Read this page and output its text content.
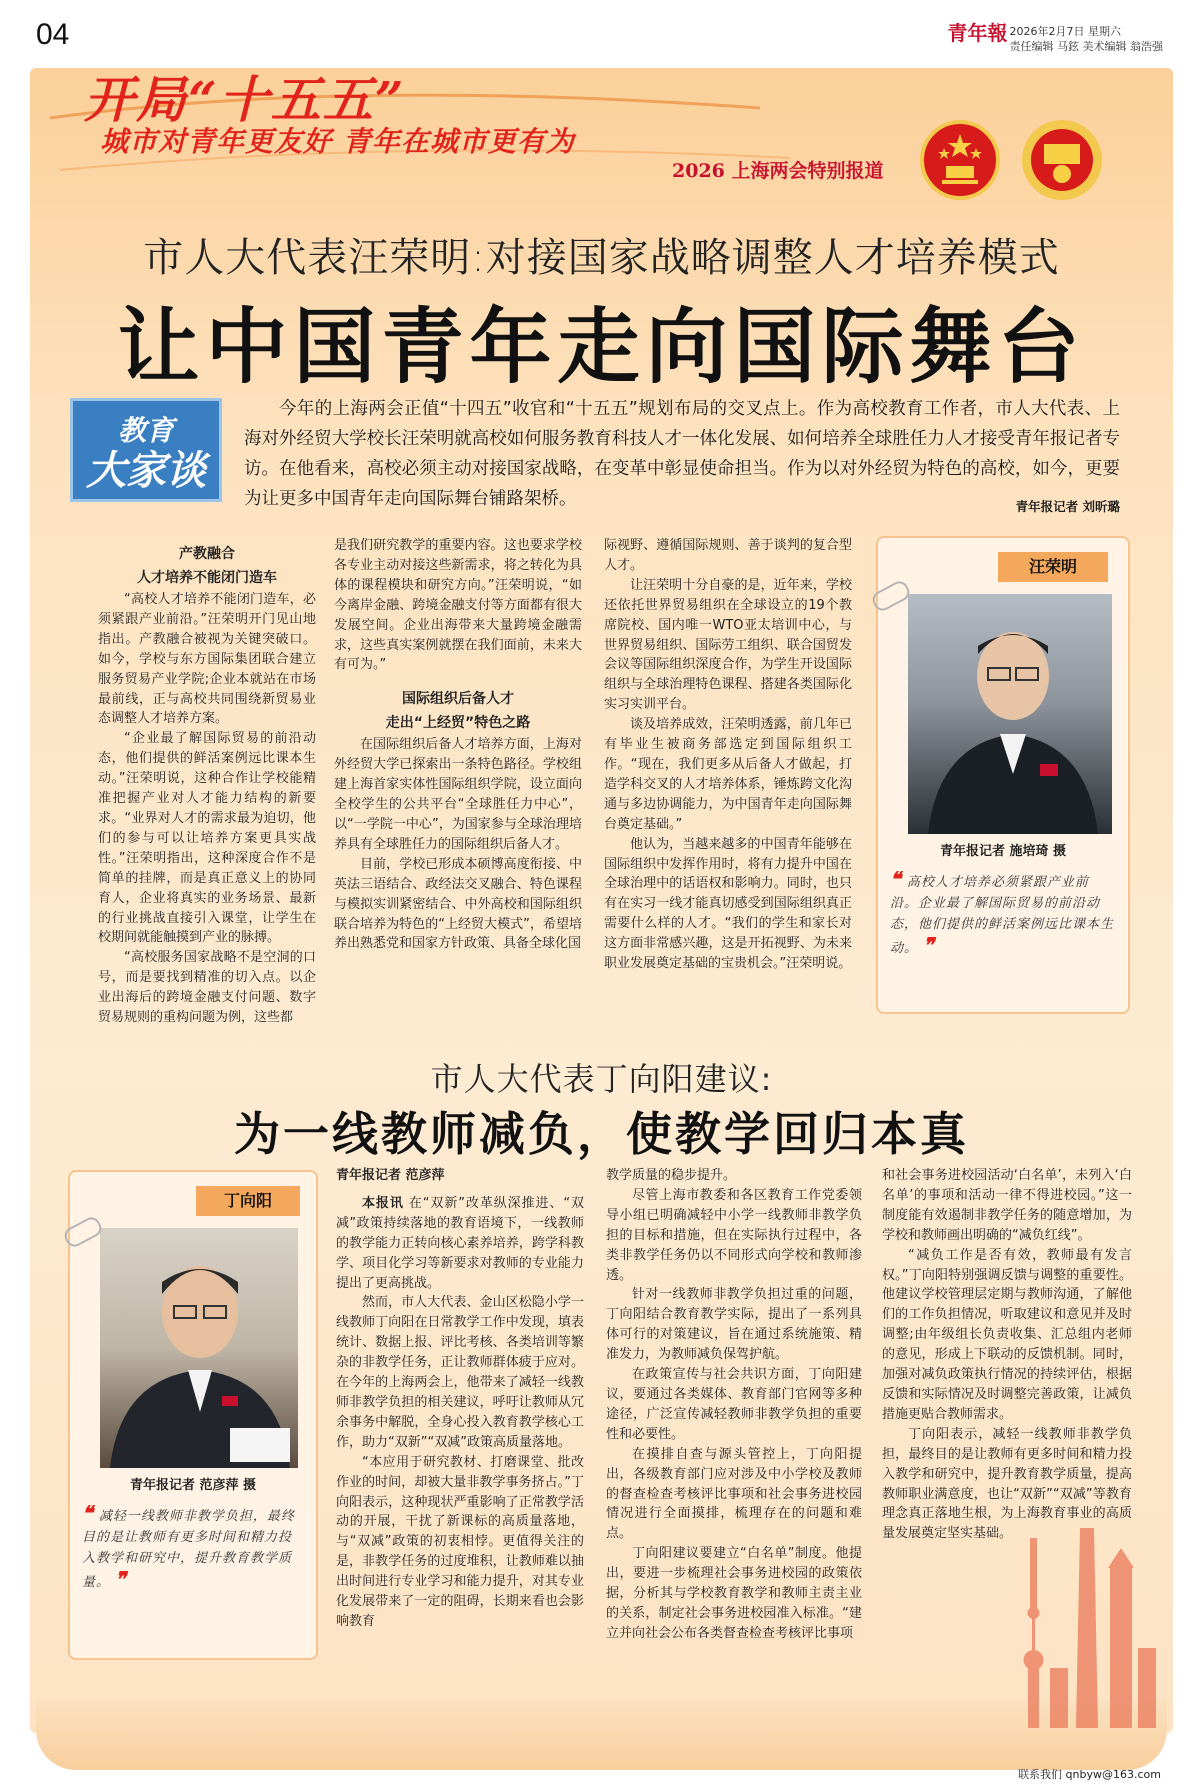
04	青年報 2026年2月7日 星期六
责任编辑 马鉉 美术编辑 翁浩强
开局“十五五”
城市对青年更友好 青年在城市更有为
2026 上海两会特别报道
市人大代表汪荣明:对接国家战略调整人才培养模式
让中国青年走向国际舞台
教育
大家谈
今年的上海两会正值“十四五”收官和“十五五”规划布局的交叉点上。作为高校教育工作者，市人大代表、上海对外经贸大学校长汪荣明就高校如何服务教育科技人才一体化发展、如何培养全球胜任力人才接受青年报记者专访。在他看来，高校必须主动对接国家战略，在变革中彰显使命担当。作为以对外经贸为特色的高校，如今，更要为让更多中国青年走向国际舞台铺路架桥。	青年报记者 刘昕璐
产教融合
人才培养不能闭门造车

“高校人才培养不能闭门造车，必须紧跟产业前沿。”汪荣明开门见山地指出。产教融合被视为关键突破口。如今，学校与东方国际集团联合建立服务贸易产业学院;企业本就站在市场最前线，正与高校共同围绕新贸易业态调整人才培养方案。

“企业最了解国际贸易的前沿动态，他们提供的鲜活案例远比课本生动。”汪荣明说，这种合作让学校能精准把握产业对人才能力结构的新要求。“业界对人才的需求最为迫切，他们的参与可以让培养方案更具实战性。”汪荣明指出，这种深度合作不是简单的挂牌，而是真正意义上的协同育人，企业将真实的业务场景、最新的行业挑战直接引入课堂，让学生在校期间就能触摸到产业的脉搏。

“高校服务国家战略不是空洞的口号，而是要找到精准的切入点。以企业出海后的跨境金融支付问题、数字贸易规则的重构问题为例，这些都

是我们研究教学的重要内容。这也要求学校各专业主动对接这些新需求，将之转化为具体的课程模块和研究方向。”汪荣明说，“如今离岸金融、跨境金融支付等方面都有很大发展空间。企业出海带来大量跨境金融需求，这些真实案例就摆在我们面前，未来大有可为。”

国际组织后备人才
走出“上经贸”特色之路

在国际组织后备人才培养方面，上海对外经贸大学已探索出一条特色路径。学校组建上海首家实体性国际组织学院，设立面向全校学生的公共平台“全球胜任力中心”，以“一学院一中心”，为国家参与全球治理培养具有全球胜任力的国际组织后备人才。

目前，学校已形成本硕博高度衔接、中英法三语结合、政经法交叉融合、特色课程与模拟实训紧密结合、中外高校和国际组织联合培养为特色的“上经贸大模式”，希望培养出熟悉党和国家方针政策、具备全球化国

际视野、遵循国际规则、善于谈判的复合型人才。

让汪荣明十分自豪的是，近年来，学校还依托世界贸易组织在全球设立的19个教席院校、国内唯一WTO亚太培训中心，与世界贸易组织、国际劳工组织、联合国贸发会议等国际组织深度合作，为学生开设国际组织与全球治理特色课程、搭建各类国际化实习实训平台。

谈及培养成效，汪荣明透露，前几年已有毕业生被商务部选定到国际组织工作。“现在，我们更多从后备人才做起，打造学科交叉的人才培养体系，锤炼跨文化沟通与多边协调能力，为中国青年走向国际舞台奠定基础。”

他认为，当越来越多的中国青年能够在国际组织中发挥作用时，将有力提升中国在全球治理中的话语权和影响力。同时，也只有在实习一线才能真切感受到国际组织真正需要什么样的人才。“我们的学生和家长对这方面非常感兴趣，这是开拓视野、为未来职业发展奠定基础的宝贵机会。”汪荣明说。

汪荣明
青年报记者 施培琦 摄
❝ 高校人才培养必须紧跟产业前沿。企业最了解国际贸易的前沿动态，他们提供的鲜活案例远比课本生动。 ❞
市人大代表丁向阳建议:
为一线教师减负，使教学回归本真
丁向阳
青年报记者 范彦萍 摄
❝ 减轻一线教师非教学负担，最终目的是让教师有更多时间和精力投入教学和研究中，提升教育教学质量。 ❞
青年报记者 范彦萍

本报讯 在“双新”改革纵深推进、“双减”政策持续落地的教育语境下，一线教师的教学能力正转向核心素养培养，跨学科教学、项目化学习等新要求对教师的专业能力提出了更高挑战。

然而，市人大代表、金山区松隐小学一线教师丁向阳在日常教学工作中发现，填表统计、数据上报、评比考核、各类培训等繁杂的非教学任务，正让教师群体疲于应对。在今年的上海两会上，他带来了减轻一线教师非教学负担的相关建议，呼吁让教师从冗余事务中解脱，全身心投入教育教学核心工作，助力“双新”“双减”政策高质量落地。

“本应用于研究教材、打磨课堂、批改作业的时间，却被大量非教学事务挤占。”丁向阳表示，这种现状严重影响了正常教学活动的开展，干扰了新课标的高质量落地，与“双减”政策的初衷相悖。更值得关注的是，非教学任务的过度堆积，让教师难以抽出时间进行专业学习和能力提升，对其专业化发展带来了一定的阻碍，长期来看也会影响教育

教学质量的稳步提升。

尽管上海市教委和各区教育工作党委领导小组已明确减轻中小学一线教师非教学负担的目标和措施，但在实际执行过程中，各类非教学任务仍以不同形式向学校和教师渗透。

针对一线教师非教学负担过重的问题，丁向阳结合教育教学实际，提出了一系列具体可行的对策建议，旨在通过系统施策、精准发力，为教师减负保驾护航。

在政策宣传与社会共识方面，丁向阳建议，要通过各类媒体、教育部门官网等多种途径，广泛宣传减轻教师非教学负担的重要性和必要性。

在摸排自查与源头管控上，丁向阳提出，各级教育部门应对涉及中小学校及教师的督查检查考核评比事项和社会事务进校园情况进行全面摸排，梳理存在的问题和难点。

丁向阳建议要建立“白名单”制度。他提出，要进一步梳理社会事务进校园的政策依据，分析其与学校教育教学和教师主责主业的关系，制定社会事务进校园准入标准。“建立并向社会公布各类督查检查考核评比事项

和社会事务进校园活动‘白名单’，未列入‘白名单’的事项和活动一律不得进校园。”这一制度能有效遏制非教学任务的随意增加，为学校和教师画出明确的“减负红线”。

“减负工作是否有效，教师最有发言权。”丁向阳特别强调反馈与调整的重要性。他建议学校管理层定期与教师沟通，了解他们的工作负担情况，听取建议和意见并及时调整;由年级组长负责收集、汇总组内老师的意见，形成上下联动的反馈机制。同时，加强对减负政策执行情况的持续评估，根据反馈和实际情况及时调整完善政策，让减负措施更贴合教师需求。

丁向阳表示，减轻一线教师非教学负担，最终目的是让教师有更多时间和精力投入教学和研究中，提升教育教学质量，提高教师职业满意度，也让“双新”“双减”等教育理念真正落地生根，为上海教育事业的高质量发展奠定坚实基础。

联系我们 qnbyw@163.com
